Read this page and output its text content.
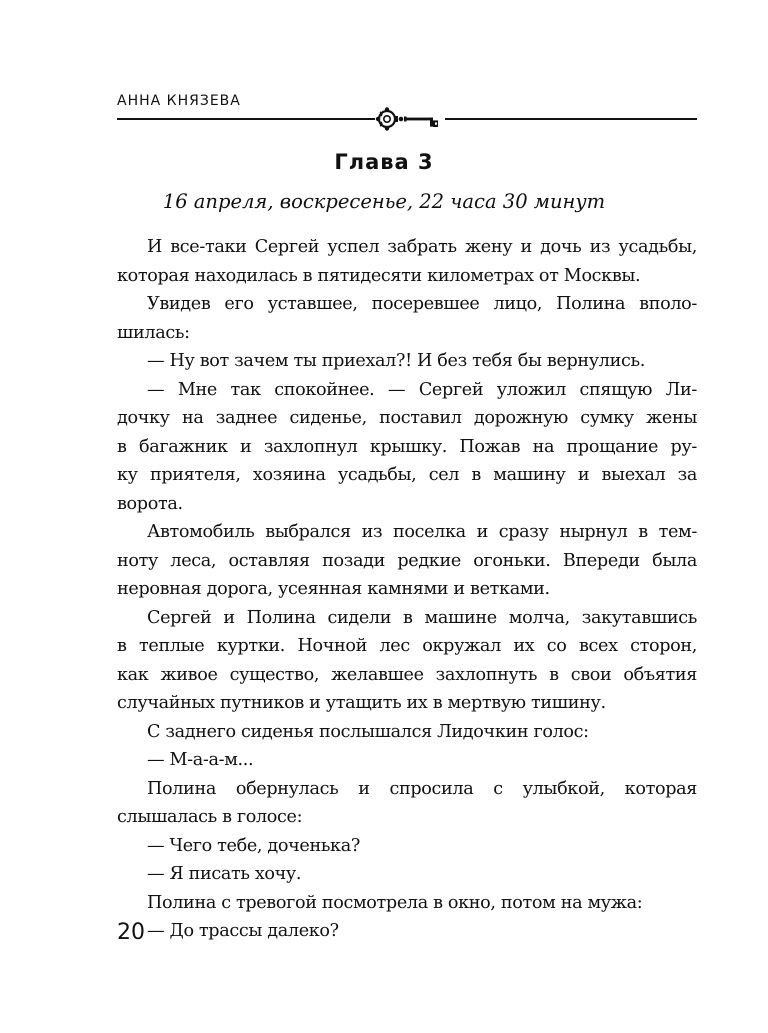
АННА КНЯЗЕВА
Глава 3
16 апреля, воскресенье, 22 часа 30 минут
И все-таки Сергей успел забрать жену и дочь из усадьбы,
которая находилась в пятидесяти километрах от Москвы.
Увидев его уставшее, посеревшее лицо, Полина вполо-
шилась:
— Ну вот зачем ты приехал?! И без тебя бы вернулись.
— Мне так спокойнее. — Сергей уложил спящую Ли-
дочку на заднее сиденье, поставил дорожную сумку жены
в багажник и захлопнул крышку. Пожав на прощание ру-
ку приятеля, хозяина усадьбы, сел в машину и выехал за
ворота.
Автомобиль выбрался из поселка и сразу нырнул в тем-
ноту леса, оставляя позади редкие огоньки. Впереди была
неровная дорога, усеянная камнями и ветками.
Сергей и Полина сидели в машине молча, закутавшись
в теплые куртки. Ночной лес окружал их со всех сторон,
как живое существо, желавшее захлопнуть в свои объятия
случайных путников и утащить их в мертвую тишину.
С заднего сиденья послышался Лидочкин голос:
— М-а-а-м...
Полина обернулась и спросила с улыбкой, которая
слышалась в голосе:
— Чего тебе, доченька?
— Я писать хочу.
Полина с тревогой посмотрела в окно, потом на мужа:
— До трассы далеко?
20
